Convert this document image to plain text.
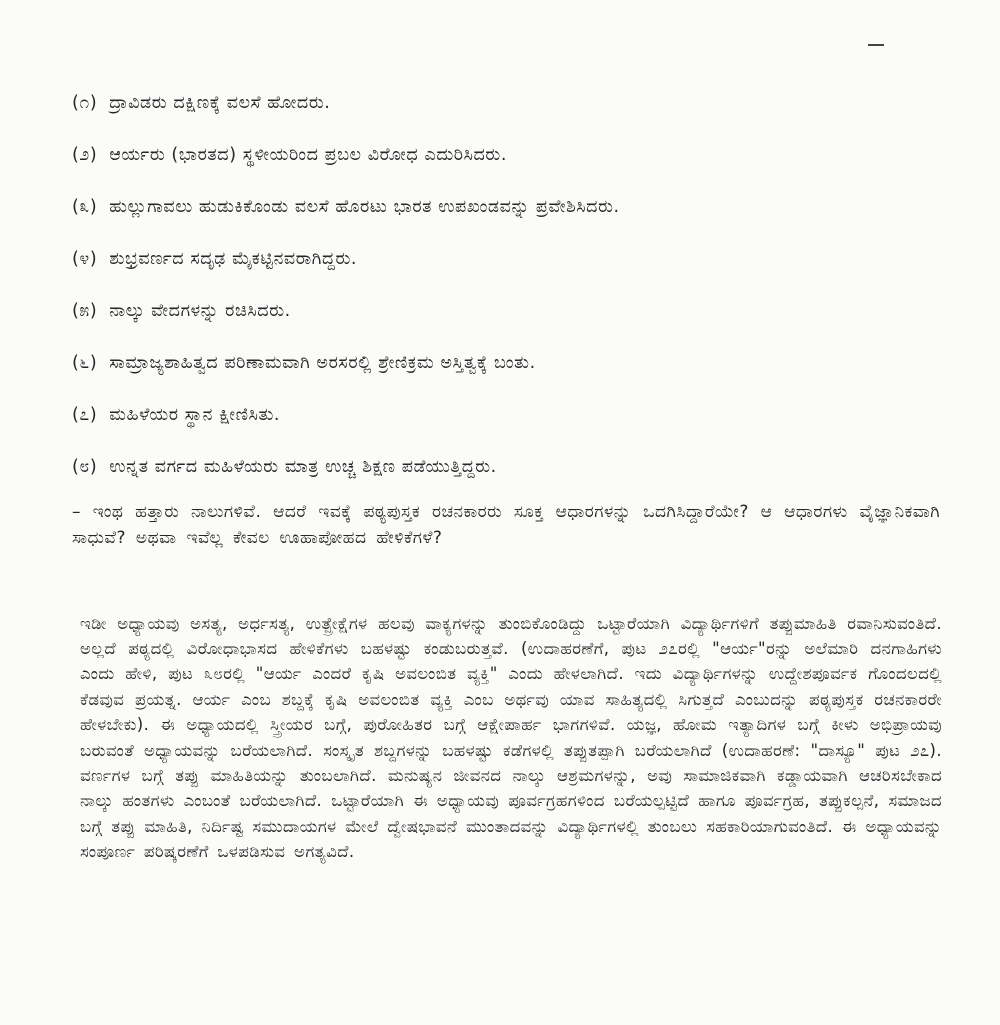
(೧) ದ್ರಾವಿಡರು ದಕ್ಷಿಣಕ್ಕೆ ವಲಸೆ ಹೋದರು.
(೨) ಆರ್ಯರು (ಭಾರತದ) ಸ್ಥಳೀಯರಿಂದ ಪ್ರಬಲ ವಿರೋಧ ಎದುರಿಸಿದರು.
(೩) ಹುಲ್ಲುಗಾವಲು ಹುಡುಕಿಕೊಂಡು ವಲಸೆ ಹೊರಟು ಭಾರತ ಉಪಖಂಡವನ್ನು ಪ್ರವೇಶಿಸಿದರು.
(೪) ಶುಭ್ರವರ್ಣದ ಸದೃಢ ಮೈಕಟ್ಟಿನವರಾಗಿದ್ದರು.
(೫) ನಾಲ್ಕು ವೇದಗಳನ್ನು ರಚಿಸಿದರು.
(೬) ಸಾಮ್ರಾಜ್ಯಶಾಹಿತ್ವದ ಪರಿಣಾಮವಾಗಿ ಅರಸರಲ್ಲಿ ಶ್ರೇಣಿಕ್ರಮ ಅಸ್ತಿತ್ವಕ್ಕೆ ಬಂತು.
(೭) ಮಹಿಳೆಯರ ಸ್ಥಾನ ಕ್ಷೀಣಿಸಿತು.
(೮) ಉನ್ನತ ವರ್ಗದ ಮಹಿಳೆಯರು ಮಾತ್ರ ಉಚ್ಚ ಶಿಕ್ಷಣ ಪಡೆಯುತ್ತಿದ್ದರು.

– ಇಂಥ ಹತ್ತಾರು ನಾಲುಗಳಿವೆ. ಆದರೆ ಇವಕ್ಕೆ ಪಠ್ಯಪುಸ್ತಕ ರಚನಕಾರರು ಸೂಕ್ತ ಆಧಾರಗಳನ್ನು ಒದಗಿಸಿದ್ದಾರೆಯೇ? ಆ ಆಧಾರಗಳು ವೈಜ್ಞಾನಿಕವಾಗಿ ಸಾಧುವೆ? ಅಥವಾ ಇವೆಲ್ಲ ಕೇವಲ ಊಹಾಪೋಹದ ಹೇಳಿಕೆಗಳೆ?

ಇಡೀ ಅಧ್ಯಾಯವು ಅಸತ್ಯ, ಅರ್ಧಸತ್ಯ, ಉತ್ಪ್ರೇಕ್ಷೆಗಳ ಹಲವು ವಾಕ್ಯಗಳನ್ನು ತುಂಬಿಕೊಂಡಿದ್ದು ಒಟ್ಟಾರೆಯಾಗಿ ವಿದ್ಯಾರ್ಥಿಗಳಿಗೆ ತಪ್ಪುಮಾಹಿತಿ ರವಾನಿಸುವಂತಿದೆ. ಅಲ್ಲದೆ ಪಠ್ಯದಲ್ಲಿ ವಿರೋಧಾಭಾಸದ ಹೇಳಿಕೆಗಳು ಬಹಳಷ್ಟು ಕಂಡುಬರುತ್ತವೆ. (ಉದಾಹರಣೆಗೆ, ಪುಟ ೨೭ರಲ್ಲಿ "ಆರ್ಯ"ರನ್ನು ಅಲೆಮಾರಿ ದನಗಾಹಿಗಳು ಎಂದು ಹೇಳಿ, ಪುಟ ೩೮ರಲ್ಲಿ "ಆರ್ಯ ಎಂದರೆ ಕೃಷಿ ಅವಲಂಬಿತ ವ್ಯಕ್ತಿ" ಎಂದು ಹೇಳಲಾಗಿದೆ. ಇದು ವಿದ್ಯಾರ್ಥಿಗಳನ್ನು ಉದ್ದೇಶಪೂರ್ವಕ ಗೊಂದಲದಲ್ಲಿ ಕೆಡವುವ ಪ್ರಯತ್ನ. ಆರ್ಯ ಎಂಬ ಶಬ್ದಕ್ಕೆ ಕೃಷಿ ಅವಲಂಬಿತ ವ್ಯಕ್ತಿ ಎಂಬ ಅರ್ಥವು ಯಾವ ಸಾಹಿತ್ಯದಲ್ಲಿ ಸಿಗುತ್ತದೆ ಎಂಬುದನ್ನು ಪಠ್ಯಪುಸ್ತಕ ರಚನಕಾರರೇ ಹೇಳಬೇಕು). ಈ ಅಧ್ಯಾಯದಲ್ಲಿ ಸ್ತ್ರೀಯರ ಬಗ್ಗೆ, ಪುರೋಹಿತರ ಬಗ್ಗೆ ಆಕ್ಷೇಪಾರ್ಹ ಭಾಗಗಳಿವೆ. ಯಜ್ಞ, ಹೋಮ ಇತ್ಯಾದಿಗಳ ಬಗ್ಗೆ ಕೀಳು ಅಭಿಪ್ರಾಯವು ಬರುವಂತೆ ಅಧ್ಯಾಯವನ್ನು ಬರೆಯಲಾಗಿದೆ. ಸಂಸ್ಕೃತ ಶಬ್ದಗಳನ್ನು ಬಹಳಷ್ಟು ಕಡೆಗಳಲ್ಲಿ ತಪ್ಪುತಪ್ಪಾಗಿ ಬರೆಯಲಾಗಿದೆ (ಉದಾಹರಣೆ: "ದಾಸ್ಯೂ" ಪುಟ ೨೭). ವರ್ಣಗಳ ಬಗ್ಗೆ ತಪ್ಪು ಮಾಹಿತಿಯನ್ನು ತುಂಬಲಾಗಿದೆ. ಮನುಷ್ಯನ ಜೀವನದ ನಾಲ್ಕು ಆಶ್ರಮಗಳನ್ನು, ಅವು ಸಾಮಾಜಿಕವಾಗಿ ಕಡ್ಡಾಯವಾಗಿ ಆಚರಿಸಬೇಕಾದ ನಾಲ್ಕು ಹಂತಗಳು ಎಂಬಂತೆ ಬರೆಯಲಾಗಿದೆ. ಒಟ್ಟಾರೆಯಾಗಿ ಈ ಅಧ್ಯಾಯವು ಪೂರ್ವಗ್ರಹಗಳಿಂದ ಬರೆಯಲ್ಪಟ್ಟಿದೆ ಹಾಗೂ ಪೂರ್ವಗ್ರಹ, ತಪ್ಪುಕಲ್ಪನೆ, ಸಮಾಜದ ಬಗ್ಗೆ ತಪ್ಪು ಮಾಹಿತಿ, ನಿರ್ದಿಷ್ಟ ಸಮುದಾಯಗಳ ಮೇಲೆ ದ್ವೇಷಭಾವನೆ ಮುಂತಾದವನ್ನು ವಿದ್ಯಾರ್ಥಿಗಳಲ್ಲಿ ತುಂಬಲು ಸಹಕಾರಿಯಾಗುವಂತಿದೆ. ಈ ಅಧ್ಯಾಯವನ್ನು ಸಂಪೂರ್ಣ ಪರಿಷ್ಕರಣೆಗೆ ಒಳಪಡಿಸುವ ಅಗತ್ಯವಿದೆ.
